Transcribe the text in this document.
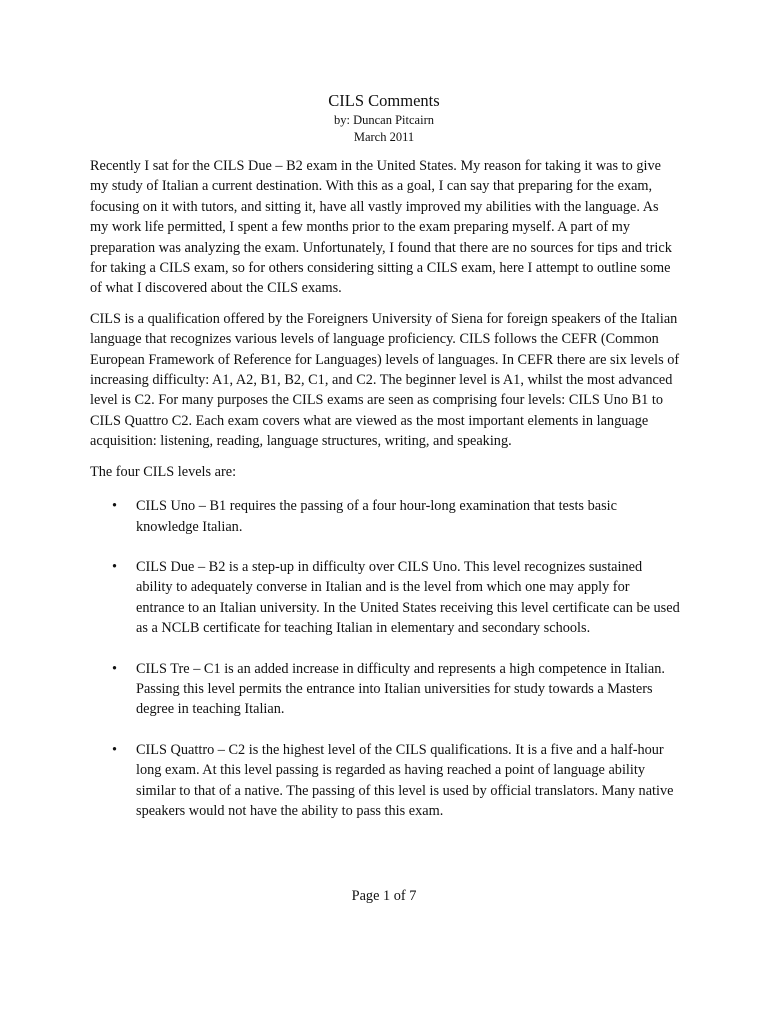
CILS Comments

by: Duncan Pitcairn

March 2011

Recently I sat for the CILS Due – B2 exam in the United States. My reason for taking it was to give my study of Italian a current destination. With this as a goal, I can say that preparing for the exam, focusing on it with tutors, and sitting it, have all vastly improved my abilities with the language. As my work life permitted, I spent a few months prior to the exam preparing myself. A part of my preparation was analyzing the exam. Unfortunately, I found that there are no sources for tips and trick for taking a CILS exam, so for others considering sitting a CILS exam, here I attempt to outline some of what I discovered about the CILS exams.

CILS is a qualification offered by the Foreigners University of Siena for foreign speakers of the Italian language that recognizes various levels of language proficiency. CILS follows the CEFR (Common European Framework of Reference for Languages) levels of languages. In CEFR there are six levels of increasing difficulty: A1, A2, B1, B2, C1, and C2. The beginner level is A1, whilst the most advanced level is C2. For many purposes the CILS exams are seen as comprising four levels: CILS Uno B1 to CILS Quattro C2. Each exam covers what are viewed as the most important elements in language acquisition: listening, reading, language structures, writing, and speaking.

The four CILS levels are:

• CILS Uno – B1 requires the passing of a four hour-long examination that tests basic knowledge Italian.
• CILS Due – B2 is a step-up in difficulty over CILS Uno. This level recognizes sustained ability to adequately converse in Italian and is the level from which one may apply for entrance to an Italian university. In the United States receiving this level certificate can be used as a NCLB certificate for teaching Italian in elementary and secondary schools.
• CILS Tre – C1 is an added increase in difficulty and represents a high competence in Italian. Passing this level permits the entrance into Italian universities for study towards a Masters degree in teaching Italian.
• CILS Quattro – C2 is the highest level of the CILS qualifications. It is a five and a half-hour long exam. At this level passing is regarded as having reached a point of language ability similar to that of a native. The passing of this level is used by official translators. Many native speakers would not have the ability to pass this exam.
Page 1 of 7
